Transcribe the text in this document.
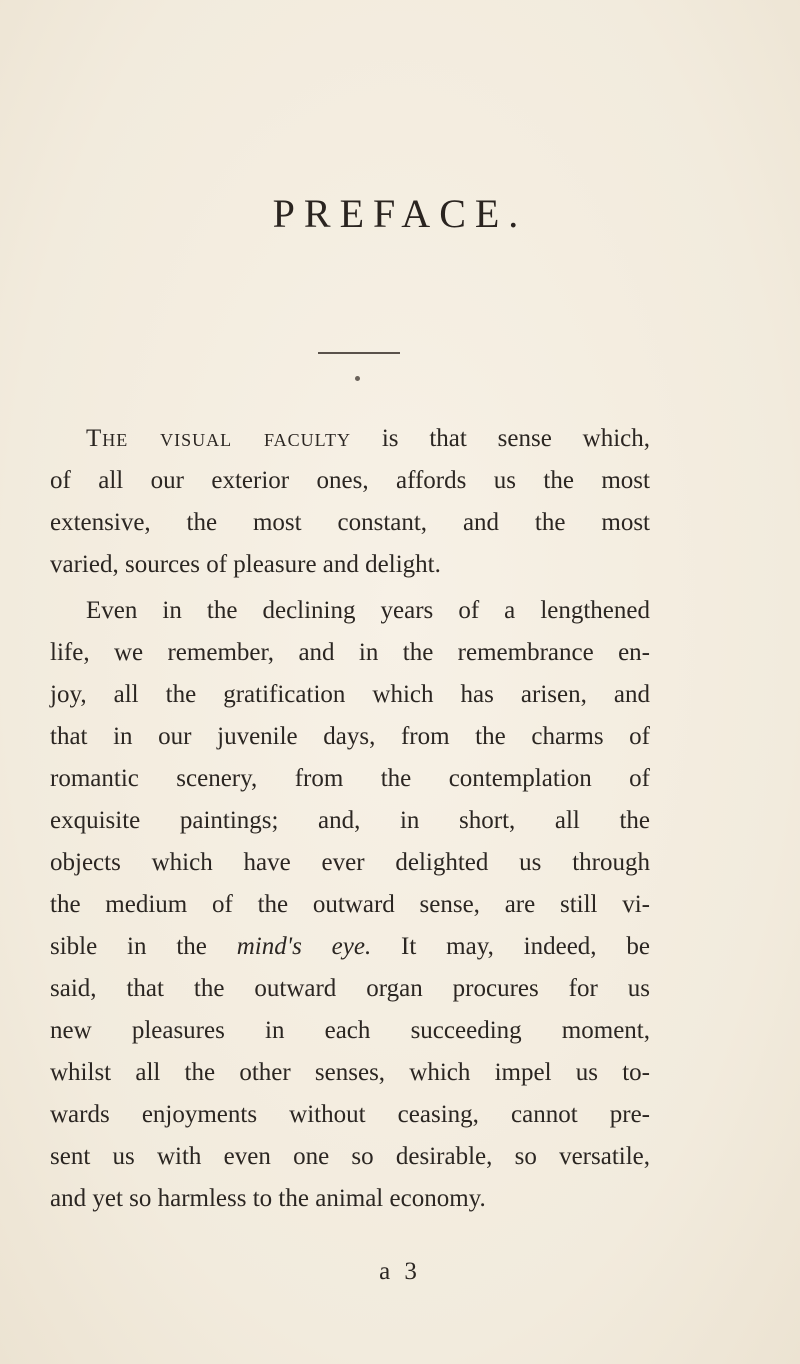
PREFACE.
The visual faculty is that sense which,
of all our exterior ones, affords us the most
extensive, the most constant, and the most
varied, sources of pleasure and delight.
Even in the declining years of a lengthened
life, we remember, and in the remembrance en-
joy, all the gratification which has arisen, and
that in our juvenile days, from the charms of
romantic scenery, from the contemplation of
exquisite paintings; and, in short, all the
objects which have ever delighted us through
the medium of the outward sense, are still vi-
sible in the mind's eye. It may, indeed, be
said, that the outward organ procures for us
new pleasures in each succeeding moment,
whilst all the other senses, which impel us to-
wards enjoyments without ceasing, cannot pre-
sent us with even one so desirable, so versatile,
and yet so harmless to the animal economy.
a 3
